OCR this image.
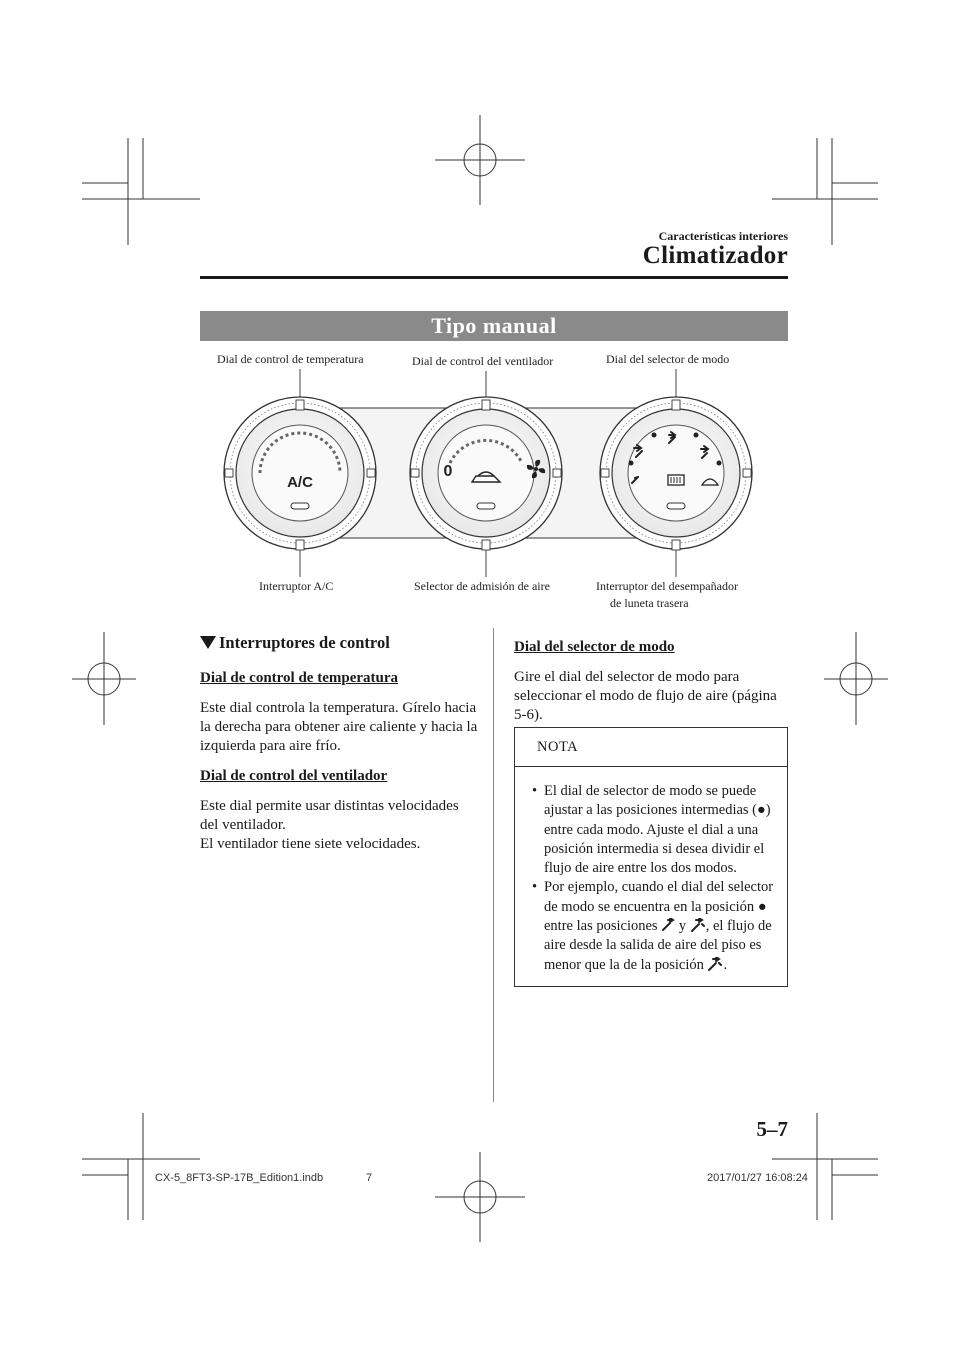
Características interiores
Climatizador
Tipo manual
A/C
0
Dial de control de temperatura	Dial de control del ventilador	Dial del selector de modo
Interruptor A/C	Selector de admisión de aire	Interruptor del desempañador
de luneta trasera
Interruptores de control
Dial de control de temperatura
Este dial controla la temperatura. Gírelo hacia la derecha para obtener aire caliente y hacia la izquierda para aire frío.
Dial de control del ventilador
Este dial permite usar distintas velocidades del ventilador.
El ventilador tiene siete velocidades.
Dial del selector de modo
Gire el dial del selector de modo para seleccionar el modo de flujo de aire (página 5-6).
NOTA
• El dial de selector de modo se puede ajustar a las posiciones intermedias (●) entre cada modo. Ajuste el dial a una posición intermedia si desea dividir el flujo de aire entre los dos modos.
• Por ejemplo, cuando el dial del selector de modo se encuentra en la posición ● entre las posiciones  y , el flujo de aire desde la salida de aire del piso es menor que la de la posición .
5–7
CX-5_8FT3-SP-17B_Edition1.indb	7	2017/01/27 16:08:24
